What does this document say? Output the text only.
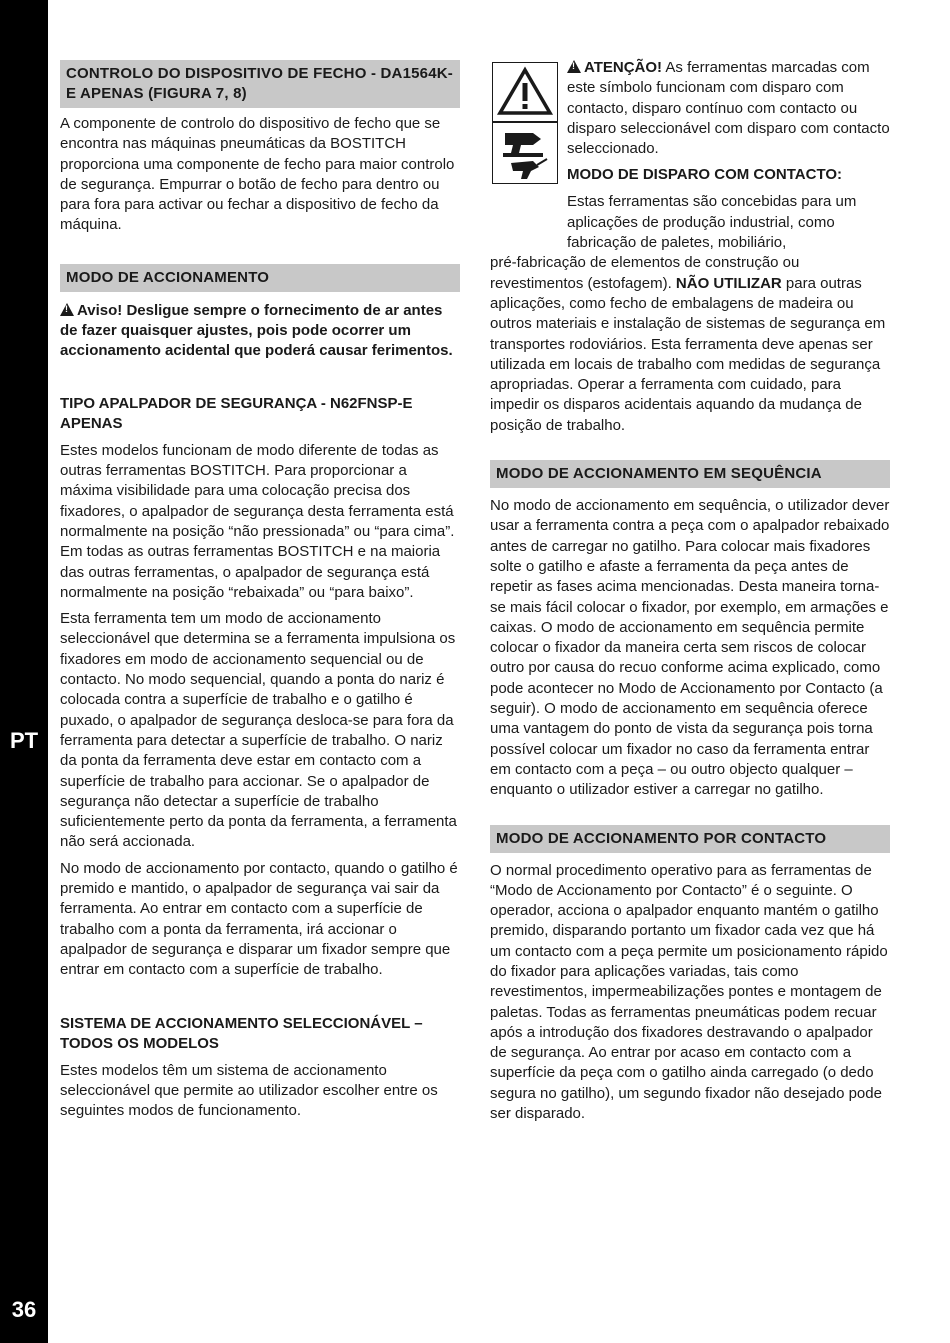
PT
36
CONTROLO DO DISPOSITIVO DE FECHO - DA1564K-E APENAS (FIGURA 7, 8)

A componente de controlo do dispositivo de fecho que se encontra nas máquinas pneumáticas da BOSTITCH proporciona uma componente de fecho para maior controlo de segurança. Empurrar o botão de fecho para dentro ou para fora para activar ou fechar a dispositivo de fecho da máquina.

MODO DE ACCIONAMENTO
!Aviso! Desligue sempre o fornecimento de ar antes de fazer quaisquer ajustes, pois pode ocorrer um accionamento acidental que poderá causar ferimentos.
TIPO APALPADOR DE SEGURANÇA - N62FNSP-E APENAS

Estes modelos funcionam de modo diferente de todas as outras ferramentas BOSTITCH. Para proporcionar a máxima visibilidade para uma colocação precisa dos fixadores, o apalpador de segurança desta ferramenta está normalmente na posição “não pressionada” ou “para cima”. Em todas as outras ferramentas BOSTITCH e na maioria das outras ferramentas, o apalpador de segurança está normalmente na posição “rebaixada” ou “para baixo”.

Esta ferramenta tem um modo de accionamento seleccionável que determina se a ferramenta impulsiona os fixadores em modo de accionamento sequencial ou de contacto. No modo sequencial, quando a ponta do nariz é colocada contra a superfície de trabalho e o gatilho é puxado, o apalpador de segurança desloca-se para fora da ferramenta para detectar a superfície de trabalho. O nariz da ponta da ferramenta deve estar em contacto com a superfície de trabalho para accionar. Se o apalpador de segurança não detectar a superfície de trabalho suficientemente perto da ponta da ferramenta, a ferramenta não será accionada.

No modo de accionamento por contacto, quando o gatilho é premido e mantido, o apalpador de segurança vai sair da ferramenta. Ao entrar em contacto com a superfície de trabalho com a ponta da ferramenta, irá accionar o apalpador de segurança e disparar um fixador sempre que entrar em contacto com a superfície de trabalho.

SISTEMA DE ACCIONAMENTO SELECCIONÁVEL – TODOS OS MODELOS

Estes modelos têm um sistema de accionamento seleccionável que permite ao utilizador escolher entre os seguintes modos de funcionamento.

!ATENÇÃO! As ferramentas marcadas com este símbolo funcionam com disparo com contacto, disparo contínuo com contacto ou disparo seleccionável com disparo com contacto seleccionado.

MODO DE DISPARO COM CONTACTO:

Estas ferramentas são concebidas para um aplicações de produção industrial, como fabricação de paletes, mobiliário,

pré-fabricação de elementos de construção ou revestimentos (estofagem). NÃO UTILIZAR para outras aplicações, como fecho de embalagens de madeira ou outros materiais e instalação de sistemas de segurança em transportes rodoviários. Esta ferramenta deve apenas ser utilizada em locais de trabalho com medidas de segurança apropriadas. Operar a ferramenta com cuidado, para impedir os disparos acidentais aquando da mudança de posição de trabalho.

MODO DE ACCIONAMENTO EM SEQUÊNCIA

No modo de accionamento em sequência, o utilizador dever usar a ferramenta contra a peça com o apalpador rebaixado antes de carregar no gatilho. Para colocar mais fixadores solte o gatilho e afaste a ferramenta da peça antes de repetir as fases acima mencionadas. Desta maneira torna-se mais fácil colocar o fixador, por exemplo, em armações e caixas. O modo de accionamento em sequência permite colocar o fixador da maneira certa sem riscos de colocar outro por causa do recuo conforme acima explicado, como pode acontecer no Modo de Accionamento por Contacto (a seguir). O modo de accionamento em sequência oferece uma vantagem do ponto de vista da segurança pois torna possível colocar um fixador no caso da ferramenta entrar em contacto com a peça – ou outro objecto qualquer – enquanto o utilizador estiver a carregar no gatilho.

MODO DE ACCIONAMENTO POR CONTACTO

O normal procedimento operativo para as ferramentas de “Modo de Accionamento por Contacto” é o seguinte. O operador, acciona o apalpador enquanto mantém o gatilho premido, disparando portanto um fixador cada vez que há um contacto com a peça permite um posicionamento rápido do fixador para aplicações variadas, tais como revestimentos, impermeabilizações pontes e montagem de paletas. Todas as ferramentas pneumáticas podem recuar após a introdução dos fixadores destravando o apalpador de segurança. Ao entrar por acaso em contacto com a superfície da peça com o gatilho ainda carregado (o dedo segura no gatilho), um segundo fixador não desejado pode ser disparado.
